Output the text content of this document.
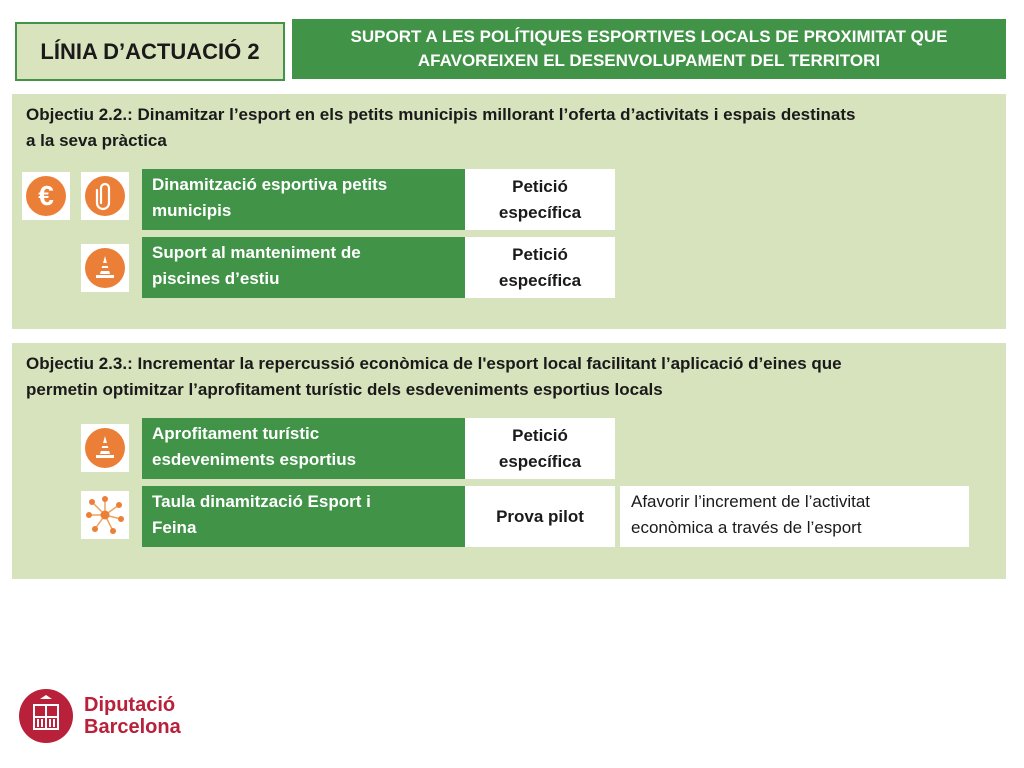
LÍNIA D’ACTUACIÓ 2
SUPORT A LES POLÍTIQUES ESPORTIVES LOCALS DE PROXIMITAT QUE
AFAVOREIXEN EL DESENVOLUPAMENT DEL TERRITORI
Objectiu 2.2.: Dinamitzar l’esport en els petits municipis millorant l’oferta d’activitats i espais destinats
a la seva pràctica
€	Dinamització esportiva petits
municipis
Petició
específica
Suport al manteniment de
piscines d’estiu
Petició
específica
Objectiu 2.3.: Incrementar la repercussió econòmica de l'esport local facilitant l’aplicació d’eines que
permetin optimitzar l’aprofitament turístic dels esdeveniments esportius locals
Aprofitament turístic
esdeveniments esportius
Petició
específica
Taula dinamització Esport i
Feina
Prova pilot
Afavorir l’increment de l’activitat
econòmica a través de l’esport
Diputació
Barcelona
